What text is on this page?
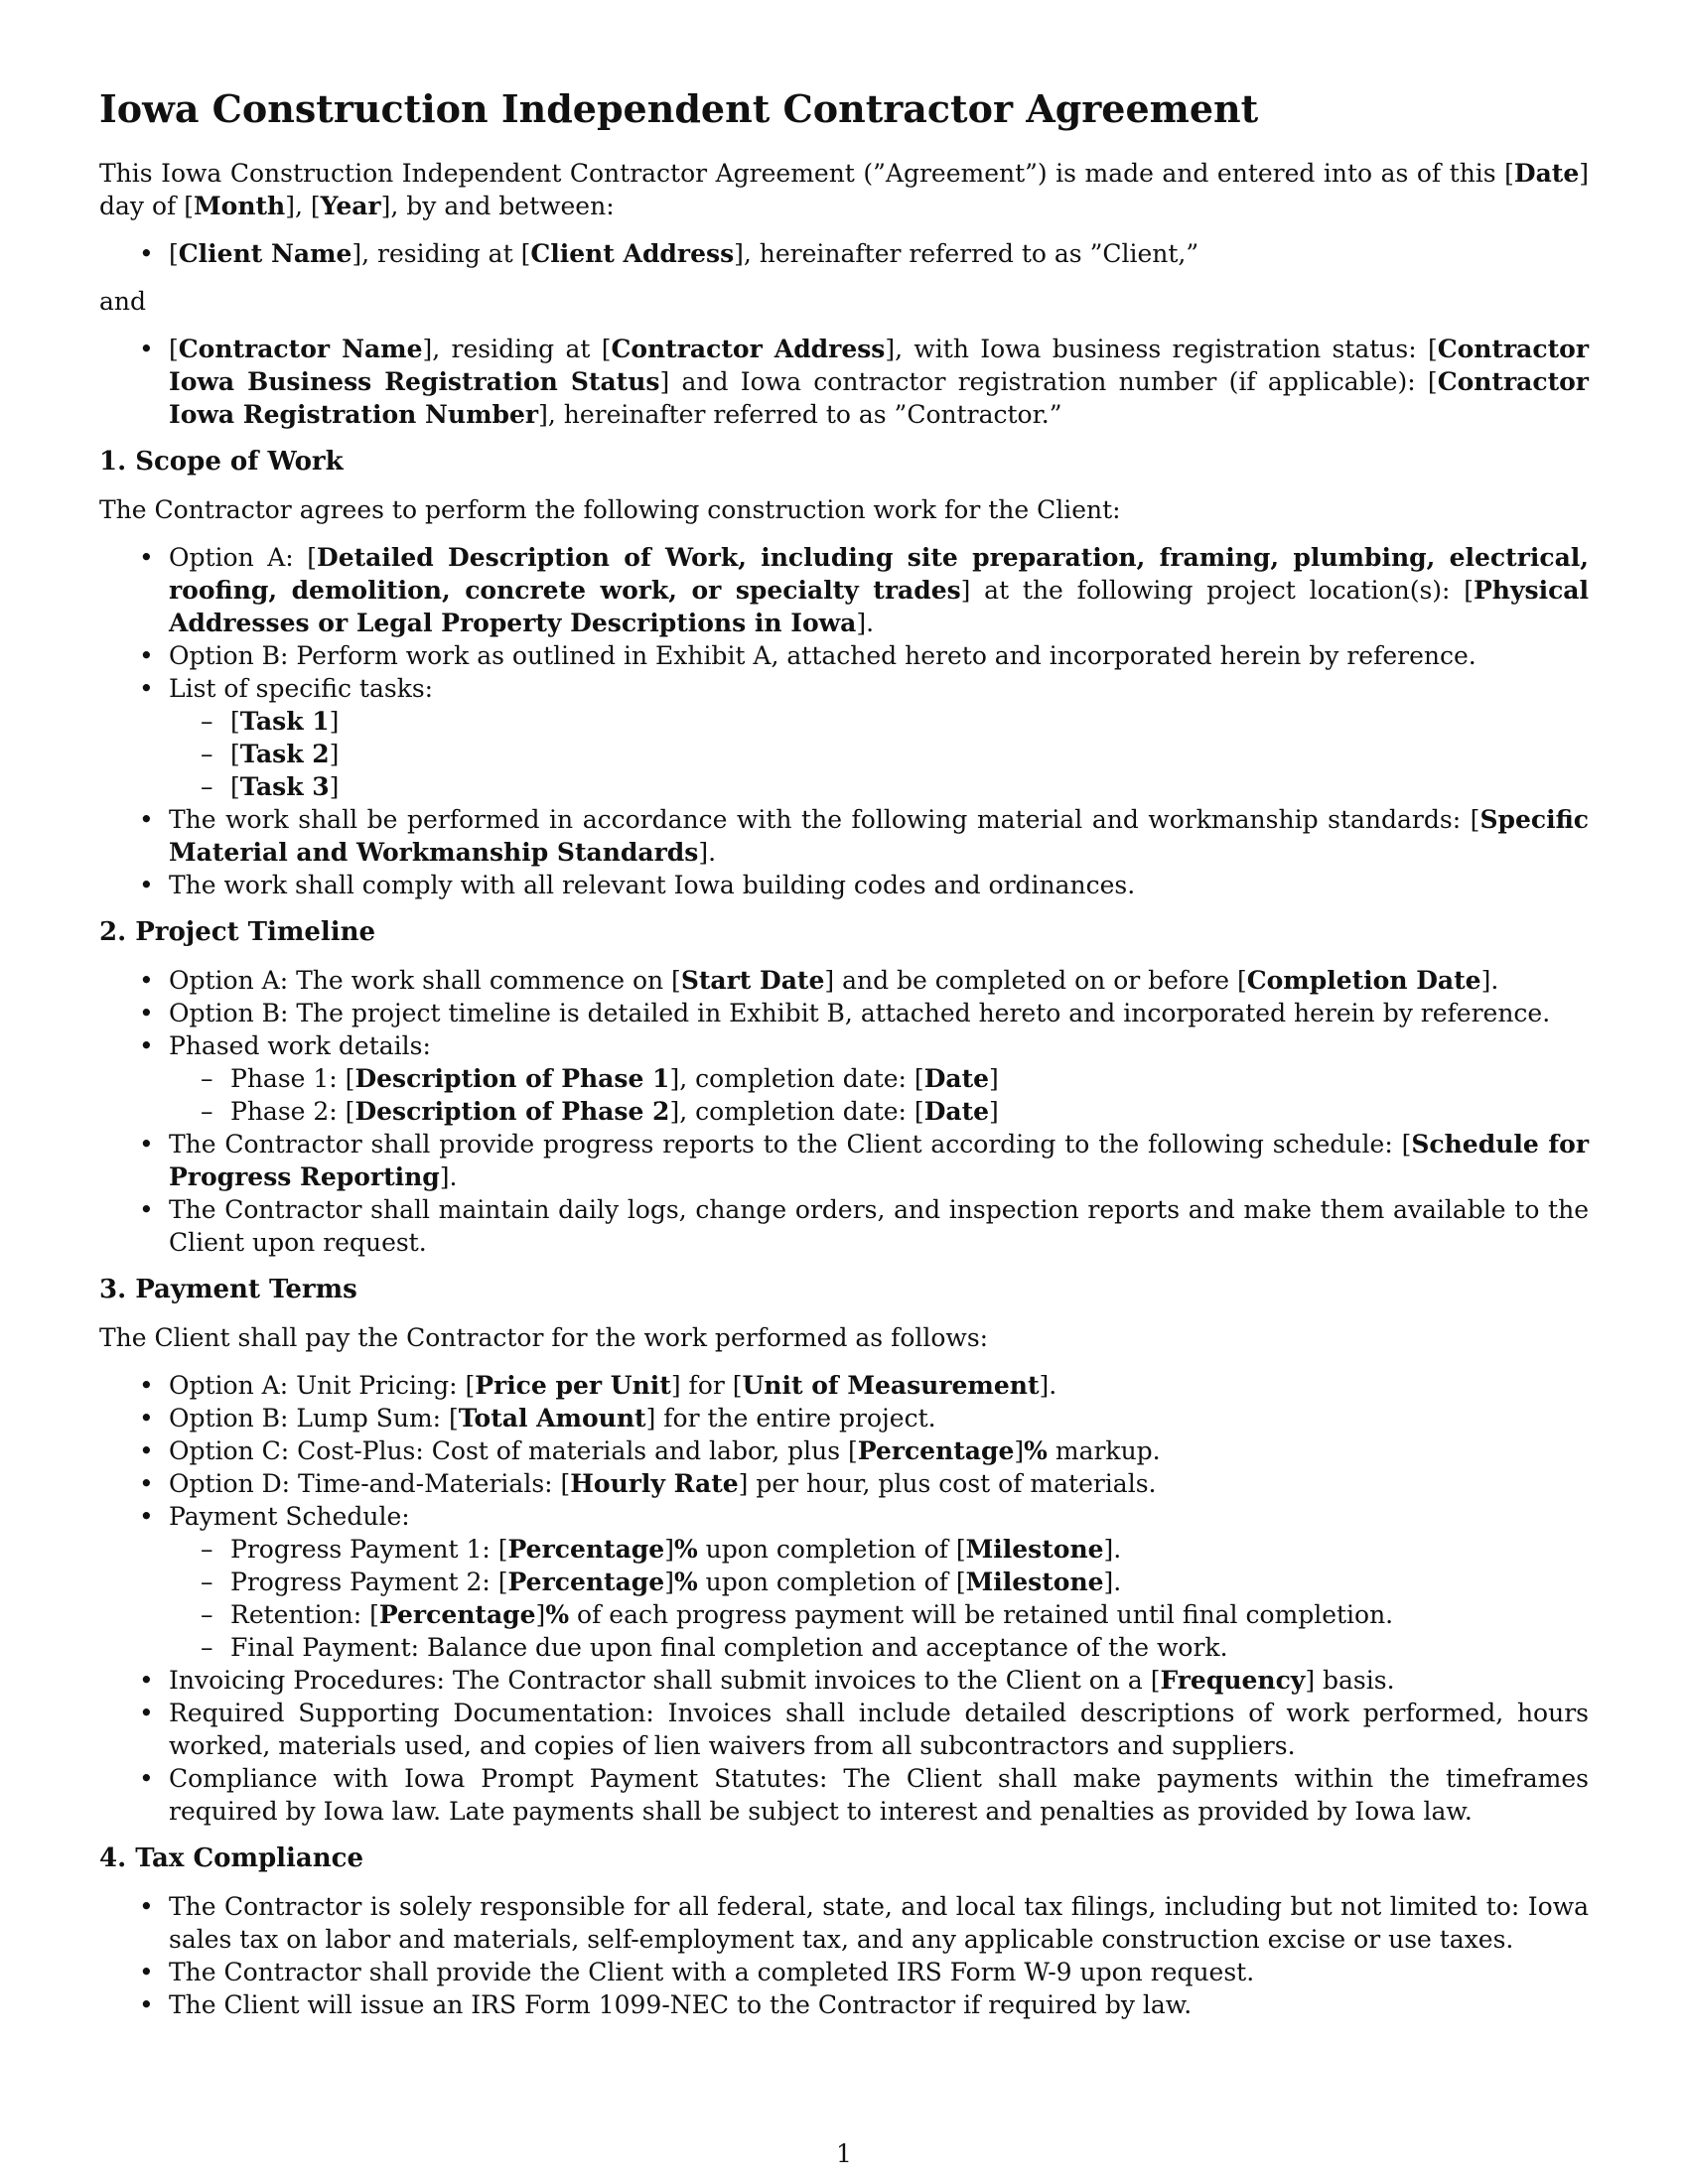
Iowa Construction Independent Contractor Agreement

This Iowa Construction Independent Contractor Agreement (”Agreement”) is made and entered into as of this [Date] day of [Month], [Year], by and between:

• [Client Name], residing at [Client Address], hereinafter referred to as ”Client,”

and

• [Contractor Name], residing at [Contractor Address], with Iowa business registration status: [Contractor Iowa Business Registration Status] and Iowa contractor registration number (if applicable): [Contractor Iowa Registration Number], hereinafter referred to as ”Contractor.”
1. Scope of Work

The Contractor agrees to perform the following construction work for the Client:

• Option A: [Detailed Description of Work, including site preparation, framing, plumbing, electrical, roofing, demolition, concrete work, or specialty trades] at the following project location(s): [Physical Addresses or Legal Property Descriptions in Iowa].
• Option B: Perform work as outlined in Exhibit A, attached hereto and incorporated herein by reference.
• List of specific tasks:
– [Task 1]
– [Task 2]
– [Task 3]
• The work shall be performed in accordance with the following material and workmanship standards: [Specific Material and Workmanship Standards].
• The work shall comply with all relevant Iowa building codes and ordinances.
2. Project Timeline
• Option A: The work shall commence on [Start Date] and be completed on or before [Completion Date].
• Option B: The project timeline is detailed in Exhibit B, attached hereto and incorporated herein by reference.
• Phased work details:
– Phase 1: [Description of Phase 1], completion date: [Date]
– Phase 2: [Description of Phase 2], completion date: [Date]
• The Contractor shall provide progress reports to the Client according to the following schedule: [Schedule for Progress Reporting].
• The Contractor shall maintain daily logs, change orders, and inspection reports and make them available to the Client upon request.
3. Payment Terms

The Client shall pay the Contractor for the work performed as follows:

• Option A: Unit Pricing: [Price per Unit] for [Unit of Measurement].
• Option B: Lump Sum: [Total Amount] for the entire project.
• Option C: Cost-Plus: Cost of materials and labor, plus [Percentage]% markup.
• Option D: Time-and-Materials: [Hourly Rate] per hour, plus cost of materials.
• Payment Schedule:
– Progress Payment 1: [Percentage]% upon completion of [Milestone].
– Progress Payment 2: [Percentage]% upon completion of [Milestone].
– Retention: [Percentage]% of each progress payment will be retained until final completion.
– Final Payment: Balance due upon final completion and acceptance of the work.
• Invoicing Procedures: The Contractor shall submit invoices to the Client on a [Frequency] basis.
• Required Supporting Documentation: Invoices shall include detailed descriptions of work performed, hours worked, materials used, and copies of lien waivers from all subcontractors and suppliers.
• Compliance with Iowa Prompt Payment Statutes: The Client shall make payments within the timeframes required by Iowa law. Late payments shall be subject to interest and penalties as provided by Iowa law.
4. Tax Compliance
• The Contractor is solely responsible for all federal, state, and local tax filings, including but not limited to: Iowa sales tax on labor and materials, self-employment tax, and any applicable construction excise or use taxes.
• The Contractor shall provide the Client with a completed IRS Form W-9 upon request.
• The Client will issue an IRS Form 1099-NEC to the Contractor if required by law.
1
